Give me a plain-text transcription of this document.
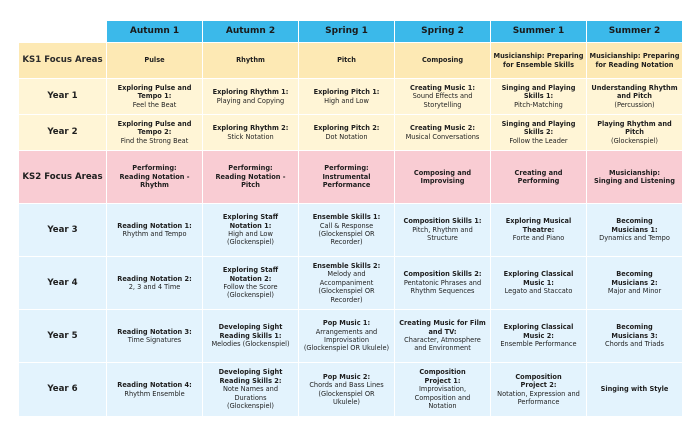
	Autumn 1	Autumn 2	Spring 1	Spring 2	Summer 1	Summer 2
KS1 Focus Areas	Pulse	Rhythm	Pitch	Composing	Musicianship: Preparing
for Ensemble Skills	Musicianship: Preparing
for Reading Notation

Year 1	Exploring Pulse and
Tempo 1:
Feel the Beat	Exploring Rhythm 1:
Playing and Copying	Exploring Pitch 1:
High and Low	Creating Music 1:
Sound Effects and
Storytelling	Singing and Playing
Skills 1:
Pitch-Matching	Understanding Rhythm
and Pitch
(Percussion)

Year 2	Exploring Pulse and
Tempo 2:
Find the Strong Beat	Exploring Rhythm 2:
Stick Notation	Exploring Pitch 2:
Dot Notation	Creating Music 2:
Musical Conversations	Singing and Playing
Skills 2:
Follow the Leader	Playing Rhythm and
Pitch
(Glockenspiel)

KS2 Focus Areas	Performing:
Reading Notation -
Rhythm	Performing:
Reading Notation -
Pitch	Performing: Instrumental
Performance	Composing and
Improvising	Creating and
Performing	Musicianship:
Singing and Listening

Year 3	Reading Notation 1:
Rhythm and Tempo	Exploring Staff
Notation 1:
High and Low
(Glockenspiel)	Ensemble Skills 1:
Call & Response
(Glockenspiel OR
Recorder)	Composition Skills 1:
Pitch, Rhythm and
Structure	Exploring Musical
Theatre:
Forte and Piano	Becoming
Musicians 1:
Dynamics and Tempo

Year 4	Reading Notation 2:
2, 3 and 4 Time	Exploring Staff
Notation 2:
Follow the Score
(Glockenspiel)	Ensemble Skills 2:
Melody and
Accompaniment
(Glockenspiel OR
Recorder)	Composition Skills 2:
Pentatonic Phrases and
Rhythm Sequences	Exploring Classical
Music 1:
Legato and Staccato	Becoming
Musicians 2:
Major and Minor

Year 5	Reading Notation 3:
Time Signatures	Developing Sight
Reading Skills 1:
Melodies (Glockenspiel)	Pop Music 1:
Arrangements and
Improvisation
(Glockenspiel OR Ukulele)	Creating Music for Film
and TV:
Character, Atmosphere
and Environment	Exploring Classical
Music 2:
Ensemble Performance	Becoming
Musicians 3:
Chords and Triads

Year 6	Reading Notation 4:
Rhythm Ensemble	Developing Sight
Reading Skills 2:
Note Names and
Durations
(Glockenspiel)	Pop Music 2:
Chords and Bass Lines
(Glockenspiel OR
Ukulele)	Composition
Project 1:
Improvisation,
Composition and
Notation	Composition
Project 2:
Notation, Expression and
Performance	Singing with Style
